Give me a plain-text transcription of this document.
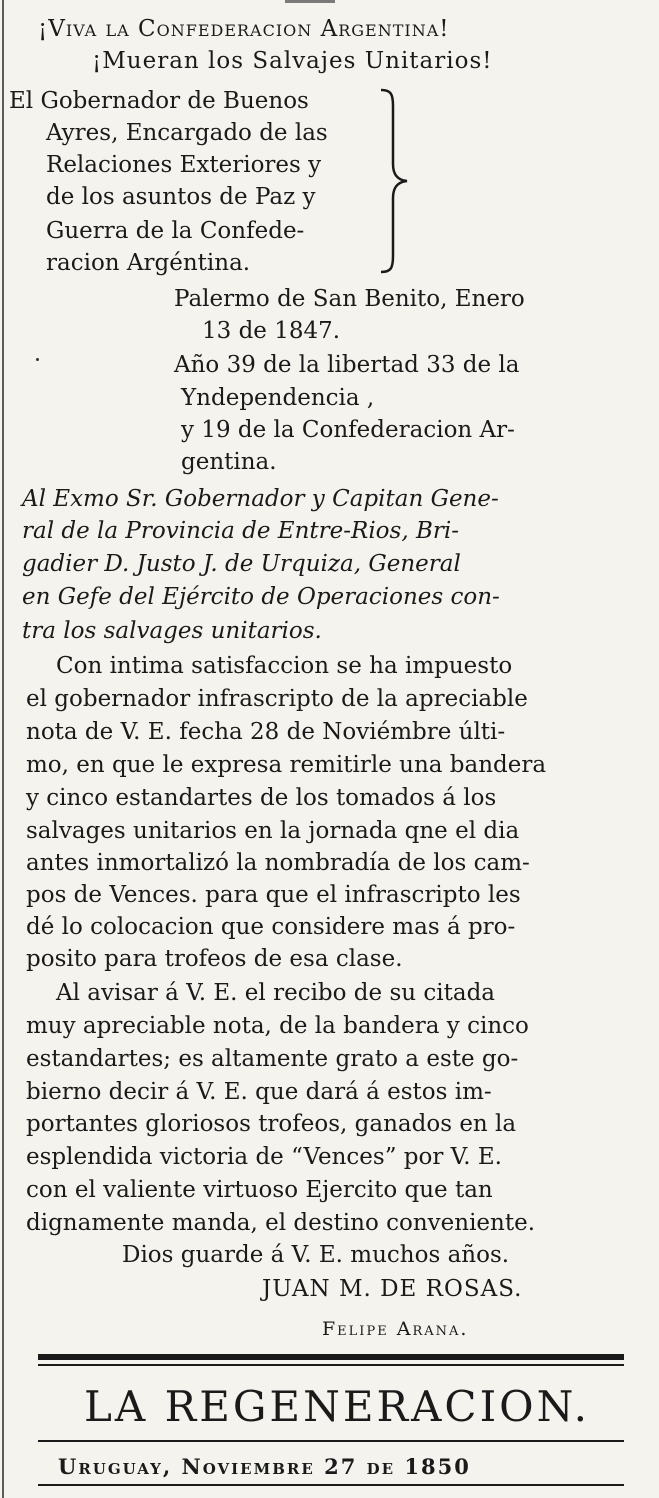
¡Viva la Confederacion Argentina!
¡Mueran los Salvajes Unitarios!
El Gobernador de Buenos
Ayres, Encargado de las
Relaciones Exteriores y
de los asuntos de Paz y
Guerra de la Confede-
racion Argéntina.
Palermo de San Benito, Enero
13 de 1847.
Año 39 de la libertad 33 de la
Yndependencia ,
y 19 de la Confederacion Ar-
gentina.
Al Exmo Sr. Gobernador y Capitan Gene-
ral de la Provincia de Entre-Rios, Bri-
gadier D. Justo J. de Urquiza, General
en Gefe del Ejército de Operaciones con-
tra los salvages unitarios.
Con intima satisfaccion se ha impuesto
el gobernador infrascripto de la apreciable
nota de V. E. fecha 28 de Noviémbre últi-
mo, en que le expresa remitirle una bandera
y cinco estandartes de los tomados á los
salvages unitarios en la jornada qne el dia
antes inmortalizó la nombradía de los cam-
pos de Vences. para que el infrascripto les
dé lo colocacion que considere mas á pro-
posito para trofeos de esa clase.
Al avisar á V. E. el recibo de su citada
muy apreciable nota, de la bandera y cinco
estandartes; es altamente grato a este go-
bierno decir á V. E. que dará á estos im-
portantes gloriosos trofeos, ganados en la
esplendida victoria de “Vences” por V. E.
con el valiente virtuoso Ejercito que tan
dignamente manda, el destino conveniente.
Dios guarde á V. E. muchos años.
JUAN M. DE ROSAS.
Felipe Arana.
LA REGENERACION.
Uruguay, Noviembre 27 de 1850
